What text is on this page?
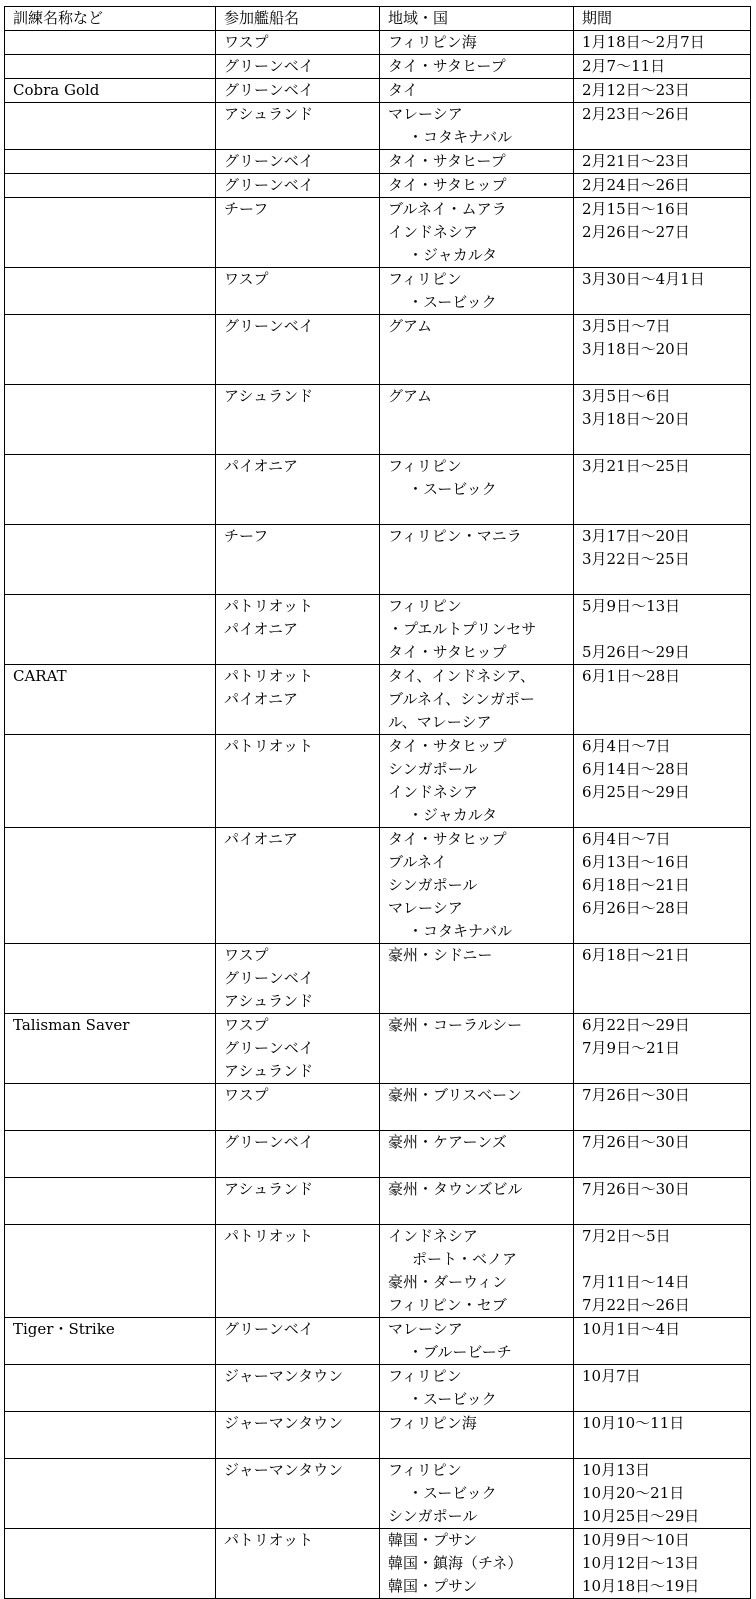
訓練名称など	参加艦船名	地域・国	期間

	ワスプ	フィリピン海	1月18日～2月7日

	グリーンベイ	タイ・サタヒープ	2月7～11日

Cobra Gold	グリーンベイ	タイ	2月12日～23日

	アシュランド	マレーシア
・コタキナバル	2月23日～26日

	グリーンベイ	タイ・サタヒープ	2月21日～23日

	グリーンベイ	タイ・サタヒップ	2月24日～26日

	チーフ	ブルネイ・ムアラ
インドネシア
・ジャカルタ	2月15日～16日
2月26日～27日

	ワスプ	フィリピン
・スービック	3月30日～4月1日

	グリーンベイ	グアム	3月5日～7日
3月18日～20日

	アシュランド	グアム	3月5日～6日
3月18日～20日

	パイオニア	フィリピン
・スービック	3月21日～25日

	チーフ	フィリピン・マニラ	3月17日～20日
3月22日～25日

	パトリオット
パイオニア	フィリピン
・プエルトプリンセサ
タイ・サタヒップ	5月9日～13日
5月26日～29日

CARAT	パトリオット
パイオニア	タイ、インドネシア、
ブルネイ、シンガポー
ル、マレーシア	6月1日～28日

	パトリオット	タイ・サタヒップ
シンガポール
インドネシア
・ジャカルタ	6月4日～7日
6月14日～28日
6月25日～29日

	パイオニア	タイ・サタヒップ
ブルネイ
シンガポール
マレーシア
・コタキナバル	6月4日～7日
6月13日～16日
6月18日～21日
6月26日～28日

	ワスプ
グリーンベイ
アシュランド	豪州・シドニー	6月18日～21日

Talisman Saver	ワスプ
グリーンベイ
アシュランド	豪州・コーラルシー	6月22日～29日
7月9日～21日

	ワスプ	豪州・ブリスベーン	7月26日～30日

	グリーンベイ	豪州・ケアーンズ	7月26日～30日

	アシュランド	豪州・タウンズビル	7月26日～30日

	パトリオット	インドネシア
ポート・ベノア
豪州・ダーウィン
フィリピン・セブ	7月2日～5日
7月11日～14日
7月22日～26日

Tiger・Strike	グリーンベイ	マレーシア
・ブルービーチ	10月1日～4日

	ジャーマンタウン	フィリピン
・スービック	10月7日

	ジャーマンタウン	フィリピン海	10月10～11日

	ジャーマンタウン	フィリピン
・スービック
シンガポール	10月13日
10月20～21日
10月25日～29日

	パトリオット	韓国・プサン
韓国・鎮海（チネ）
韓国・プサン	10月9日～10日
10月12日～13日
10月18日～19日
